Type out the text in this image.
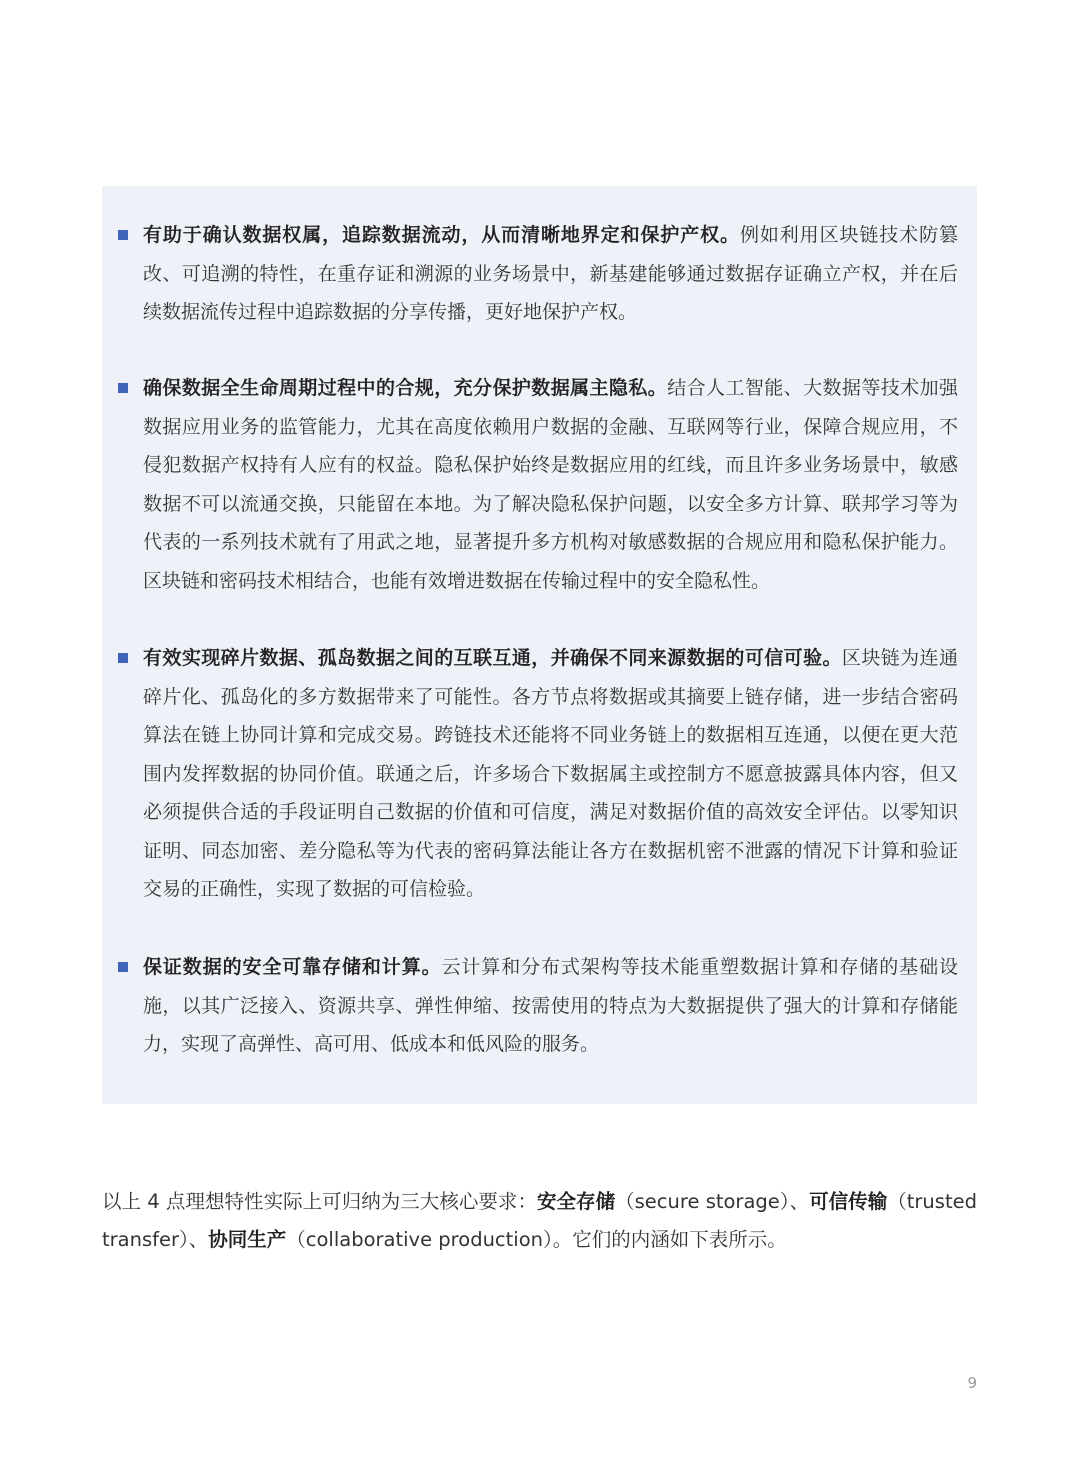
有助于确认数据权属，追踪数据流动，从而清晰地界定和保护产权。例如利用区块链技术防篡改、可追溯的特性，在重存证和溯源的业务场景中，新基建能够通过数据存证确立产权，并在后续数据流传过程中追踪数据的分享传播，更好地保护产权。

确保数据全生命周期过程中的合规，充分保护数据属主隐私。结合人工智能、大数据等技术加强数据应用业务的监管能力，尤其在高度依赖用户数据的金融、互联网等行业，保障合规应用，不侵犯数据产权持有人应有的权益。隐私保护始终是数据应用的红线，而且许多业务场景中，敏感数据不可以流通交换，只能留在本地。为了解决隐私保护问题，以安全多方计算、联邦学习等为代表的一系列技术就有了用武之地，显著提升多方机构对敏感数据的合规应用和隐私保护能力。区块链和密码技术相结合，也能有效增进数据在传输过程中的安全隐私性。

有效实现碎片数据、孤岛数据之间的互联互通，并确保不同来源数据的可信可验。区块链为连通碎片化、孤岛化的多方数据带来了可能性。各方节点将数据或其摘要上链存储，进一步结合密码算法在链上协同计算和完成交易。跨链技术还能将不同业务链上的数据相互连通，以便在更大范围内发挥数据的协同价值。联通之后，许多场合下数据属主或控制方不愿意披露具体内容，但又必须提供合适的手段证明自己数据的价值和可信度，满足对数据价值的高效安全评估。以零知识证明、同态加密、差分隐私等为代表的密码算法能让各方在数据机密不泄露的情况下计算和验证交易的正确性，实现了数据的可信检验。

保证数据的安全可靠存储和计算。云计算和分布式架构等技术能重塑数据计算和存储的基础设施，以其广泛接入、资源共享、弹性伸缩、按需使用的特点为大数据提供了强大的计算和存储能力，实现了高弹性、高可用、低成本和低风险的服务。

以上 4 点理想特性实际上可归纳为三大核心要求：安全存储（secure storage）、可信传输（trusted transfer）、协同生产（collaborative production）。它们的内涵如下表所示。

9
